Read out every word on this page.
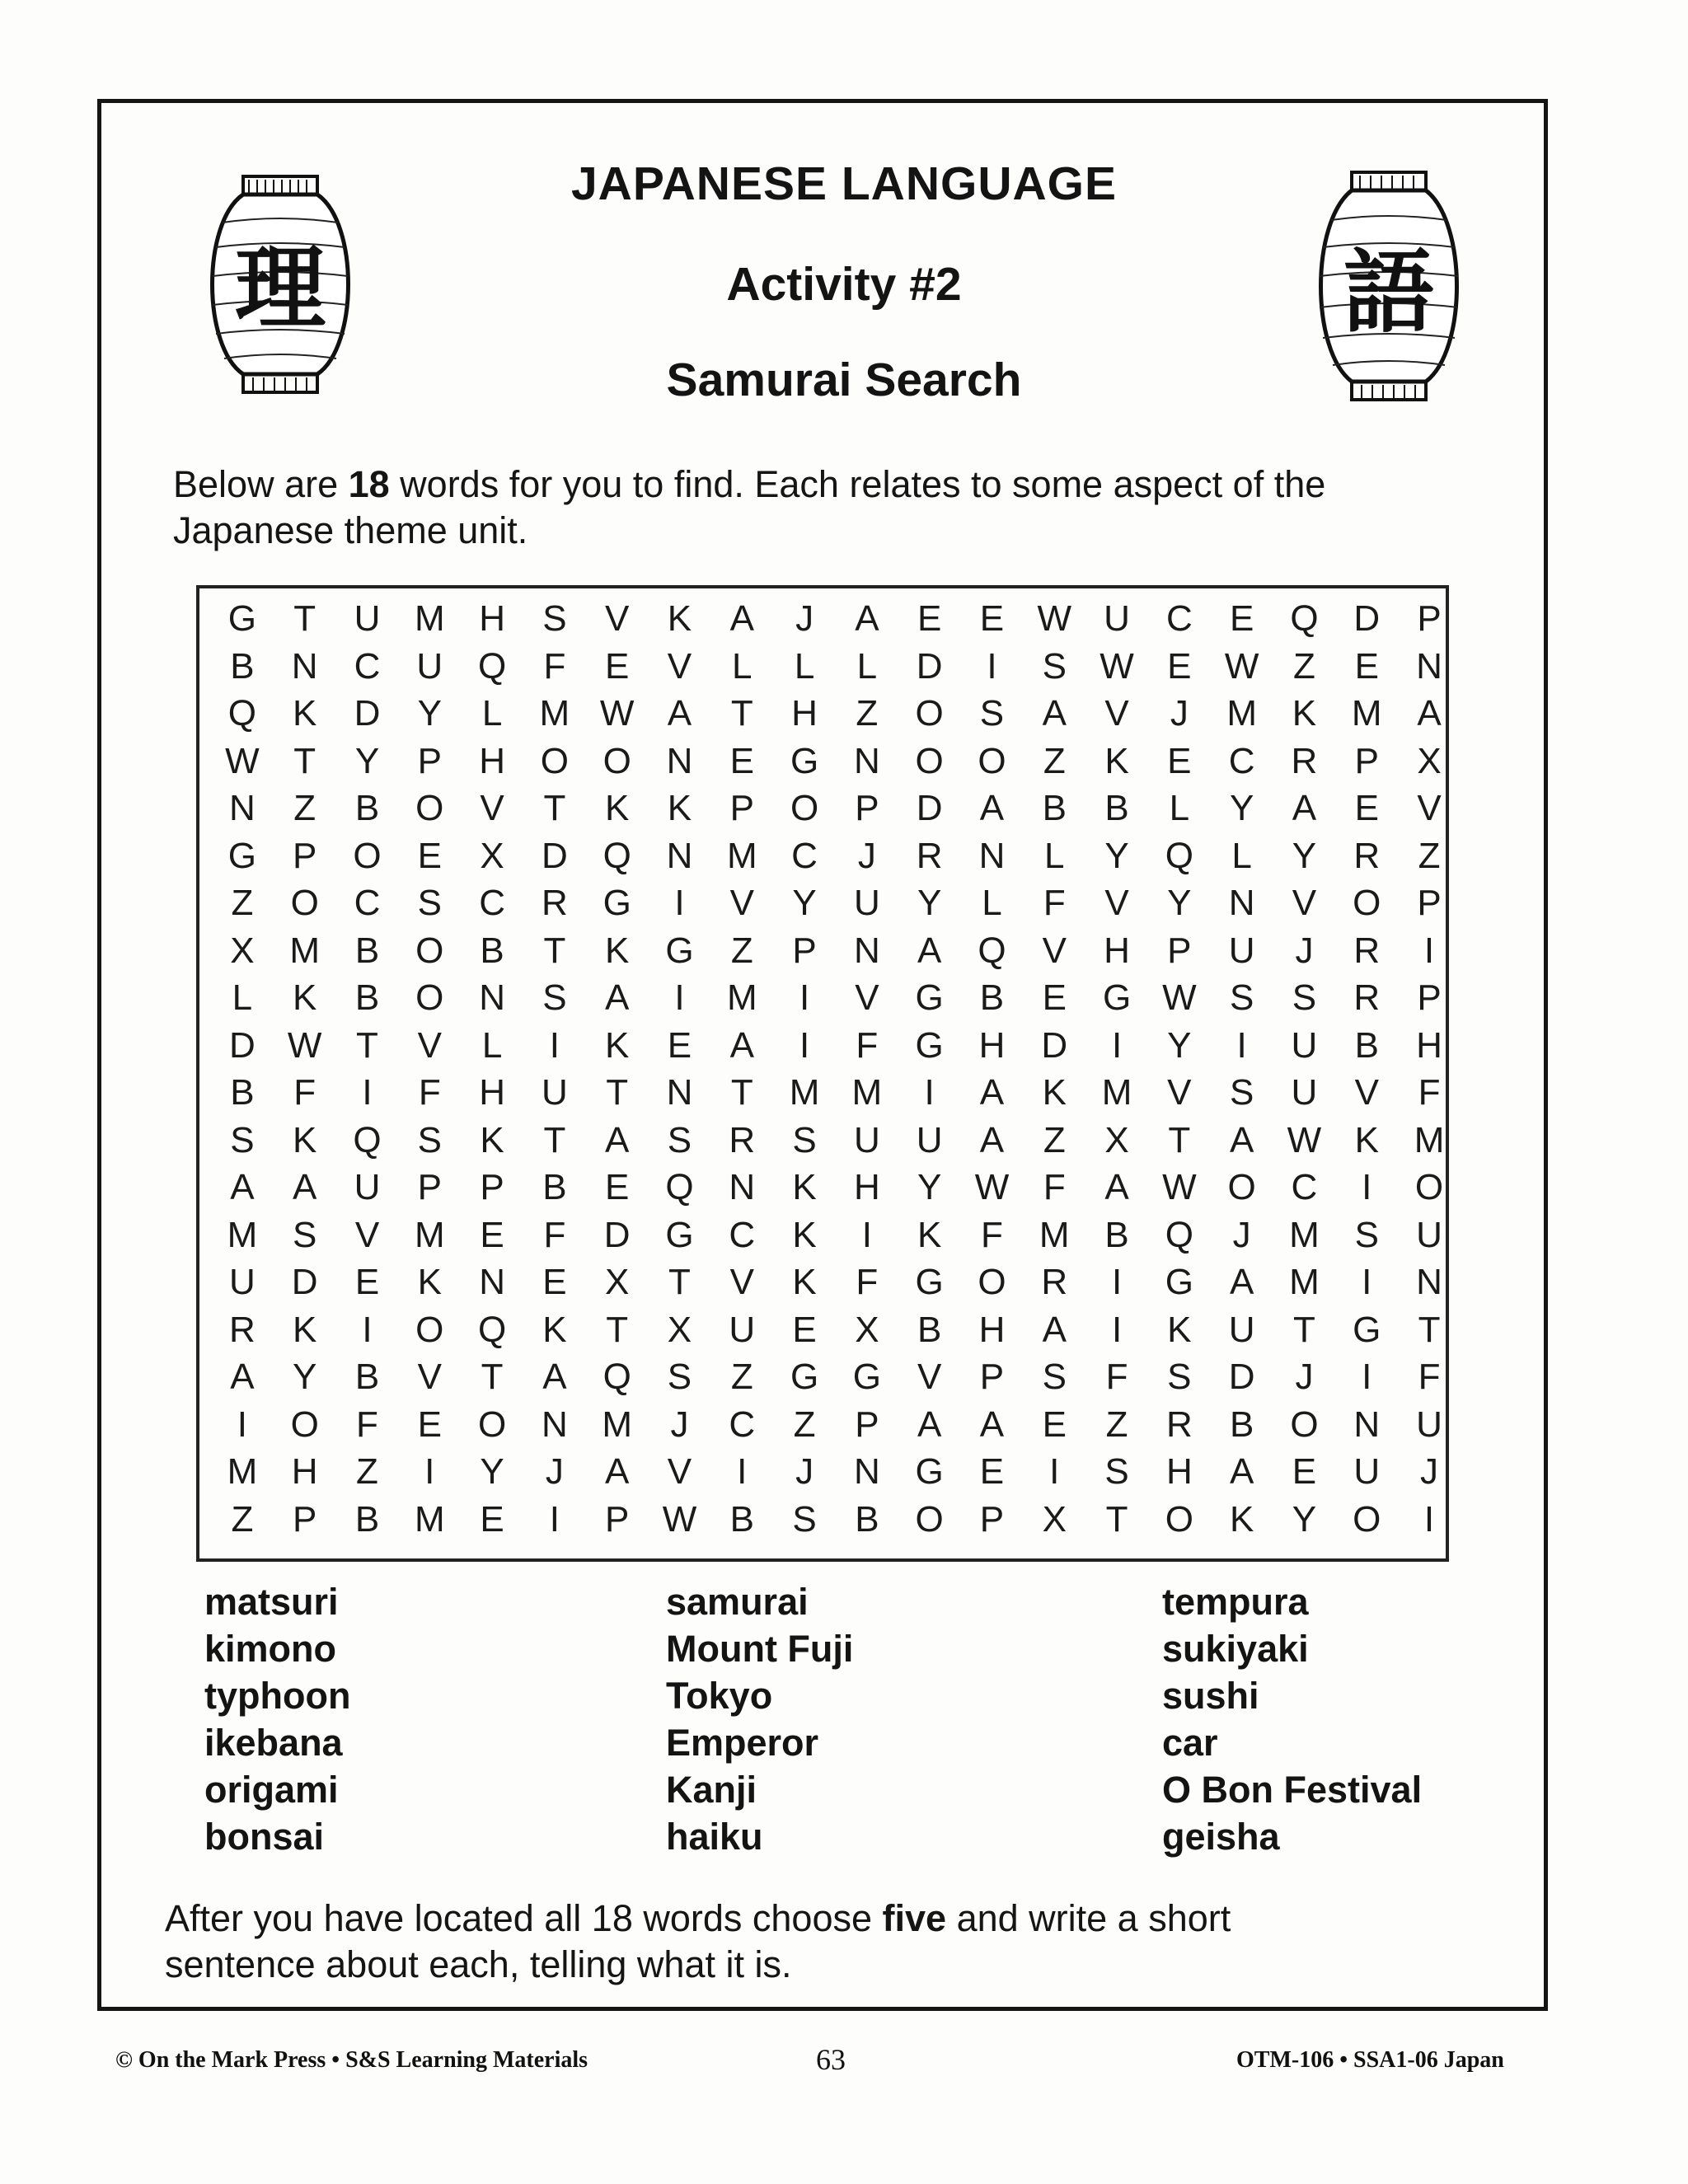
理	語
JAPANESE LANGUAGE
Activity #2
Samurai Search
Below are 18 words for you to find. Each relates to some aspect of the
Japanese theme unit.
G	T	U M H	S	V	K	A	J	A	E	E W U	C	E	Q D	P
B	N	C	U Q	F	E	V	L	L	L	D	I	S W E W Z	E	N
Q	K	D	Y	L	M W A	T	H	Z	O	S	A	V	J	M K M A
W T	Y	P	H O O N	E	G N O O	Z	K	E	C	R	P	X
N	Z	B	O	V	T	K	K	P	O	P	D	A	B	B	L	Y	A	E	V
G	P	O	E	X	D Q N M C	J	R	N	L	Y	Q	L	Y	R	Z
Z	O C	S	C	R G	I	V	Y	U	Y	L	F	V	Y	N	V	O	P
X M B	O	B	T	K	G	Z	P	N	A	Q	V	H	P	U	J	R	I
L	K	B	O N	S	A	I	M	I	V	G	B	E	G W S	S	R	P
D W T	V	L	I	K	E	A	I	F	G H	D	I	Y	I	U	B	H
B	F	I	F	H	U	T	N	T	M M	I	A	K M V	S	U	V	F
S	K	Q	S	K	T	A	S	R	S	U	U	A	Z	X	T	A W K M
A	A	U	P	P	B	E	Q N	K	H	Y W F	A W O C	I	O
M S	V M E	F	D G C	K	I	K	F	M B	Q	J	M S	U
U	D	E	K	N	E	X	T	V	K	F	G O R	I	G	A M	I	N
R	K	I	O Q	K	T	X	U	E	X	B	H	A	I	K	U	T	G	T
A	Y	B	V	T	A	Q	S	Z	G G	V	P	S	F	S	D	J	I	F
I	O	F	E	O N M	J	C	Z	P	A	A	E	Z	R	B	O N	U
M H	Z	I	Y	J	A	V	I	J	N G	E	I	S	H	A	E	U	J
Z	P	B M E	I	P W B	S	B	O	P	X	T	O	K	Y	O	I
matsuri
kimono
typhoon
ikebana
origami
bonsai
samurai
Mount Fuji
Tokyo
Emperor
Kanji
haiku
tempura
sukiyaki
sushi
car
O Bon Festival
geisha
After you have located all 18 words choose five and write a short
sentence about each, telling what it is.
© On the Mark Press • S&S Learning Materials	63	OTM-106 • SSA1-06 Japan
